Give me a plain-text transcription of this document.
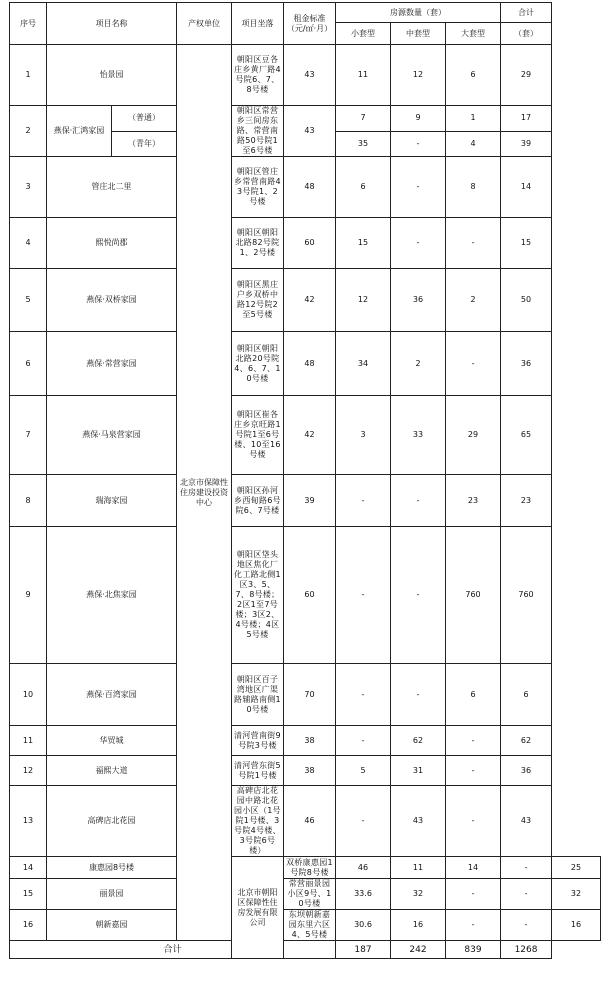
序号	项目名称		产权单位	项目坐落	租金标准（元/㎡·月）	房源数量（套）			合计	
						小套型	中套型	大套型	（套）	
1	怡景园		北京市保障性住房建设投资中心	朝阳区豆各庄乡黄厂路4号院6、7、8号楼	43	11	12	6	29	
2	燕保·汇鸿家园	（普通）		朝阳区常营乡三间房东路、常营南路50号院1至6号楼	43	7	9	1	17	
		（青年）				35	-	4	39	
3	管庄北二里			朝阳区管庄乡常营南路43号院1、2号楼	48	6	-	8	14	
4	熙悦尚郡			朝阳区朝阳北路82号院1、2号楼	60	15	-	-	15	
5	燕保·双桥家园			朝阳区黑庄户乡双桥中路12号院2至5号楼	42	12	36	2	50	
6	燕保·常营家园			朝阳区朝阳北路20号院4、6、7、10号楼	48	34	2	-	36	
7	燕保·马泉营家园			朝阳区崔各庄乡京旺路1号院1至6号楼、10至16号楼	42	3	33	29	65	
8	瑞海家园			朝阳区孙河乡西甸路6号院6、7号楼	39	-	-	23	23	
9	燕保·北焦家园			朝阳区垡头地区焦化厂化工路北侧1区3、5、7、8号楼；2区1至7号楼；3区2、4号楼；4区5号楼	60	-	-	760	760	
10	燕保·百湾家园			朝阳区百子湾地区广渠路辅路南侧10号楼	70	-	-	6	6	
11	华贸城			清河营南街9号院3号楼	38	-	62	-	62	
12	福熙大道			清河营东街5号院1号楼	38	5	31	-	36	
13	高碑店北花园			高碑店北花园中路北花园小区（1号院1号楼、3号院4号楼、3号院6号楼）	46	-	43	-	43	
14	康惠园8号楼			北京市朝阳区保障性住房发展有限公司	双桥康惠园1号院8号楼	46	11	14	-	25
15	丽景园				常营丽景园小区9号、10号楼	33.6	32	-	-	32
16	朝新嘉园				东坝朝新嘉园东里六区4、5号楼	30.6	16	-	-	16
合计						187	242	839	1268	
